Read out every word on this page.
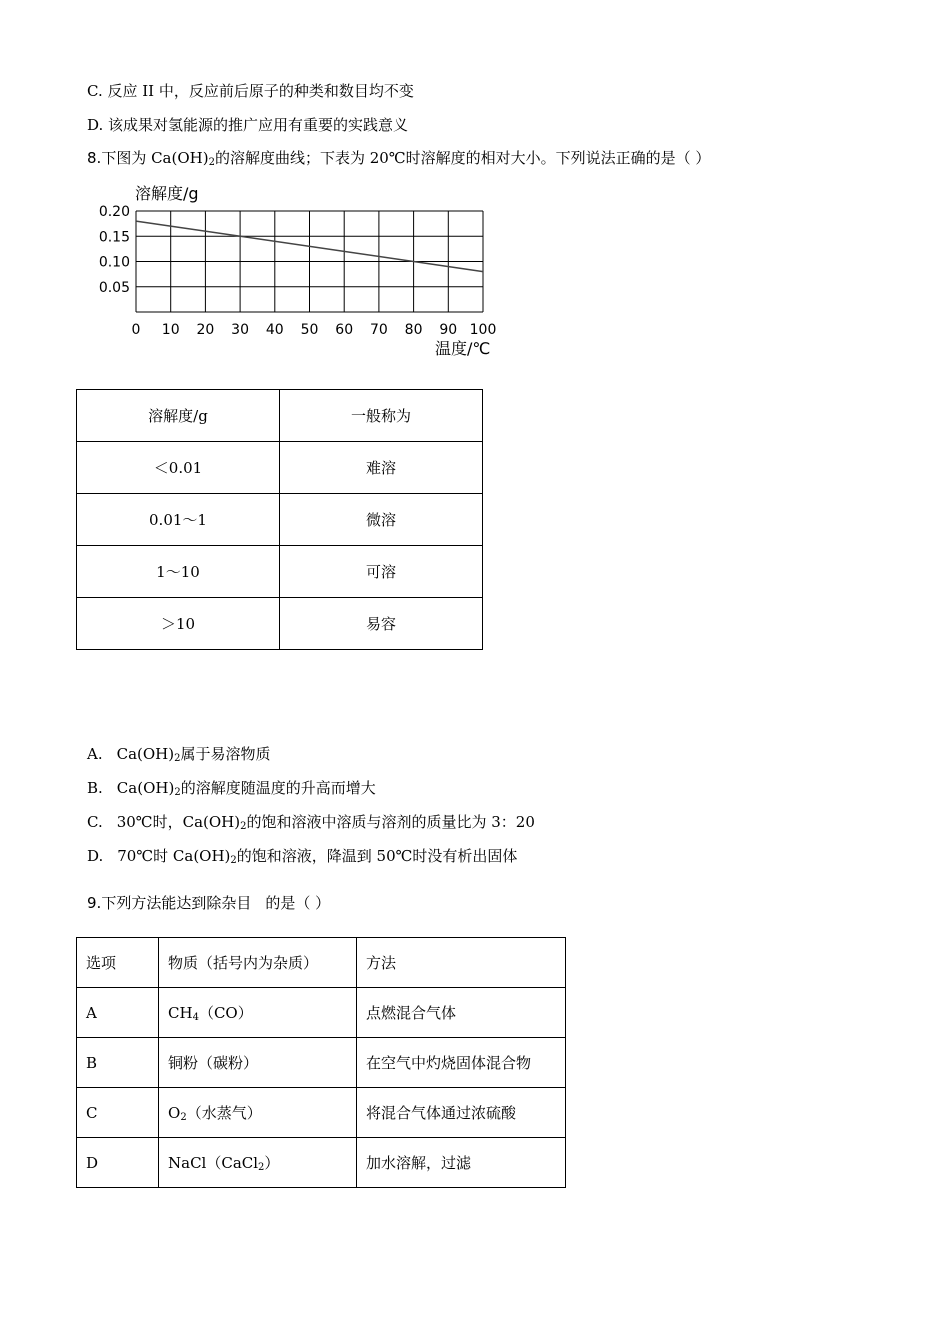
C. 反应 II 中，反应前后原子的种类和数目均不变
D. 该成果对氢能源的推广应用有重要的实践意义
8.下图为 $Ca(OH)_2$的溶解度曲线；下表为 20℃时溶解度的相对大小。下列说法正确的是（ ）
溶解度/g
0.20
0.15
0.10
0.05
0 10 20 30 40 50 60 70 80 90 100
温度/℃
溶解度/g	一般称为
＜0.01	难溶
0.01～1	微溶
1～10	可溶
＞10	易容
A. $Ca(OH)_2$属于易溶物质
B. $Ca(OH)_2$的溶解度随温度的升高而增大
C. 30℃时，$Ca(OH)_2$的饱和溶液中溶质与溶剂的质量比为 3：20
D. 70℃时 $Ca(OH)_2$的饱和溶液，降温到 50℃时没有析出固体
9.下列方法能达到除杂目 的是（ ）
选项	物质（括号内为杂质）	方法
A	$CH_4(CO)$	点燃混合气体
B	铜粉（碳粉）	在空气中灼烧固体混合物
C	$O_2$（水蒸气）	将混合气体通过浓硫酸
D	NaCl（CaCl$_2$）	加水溶解，过滤
